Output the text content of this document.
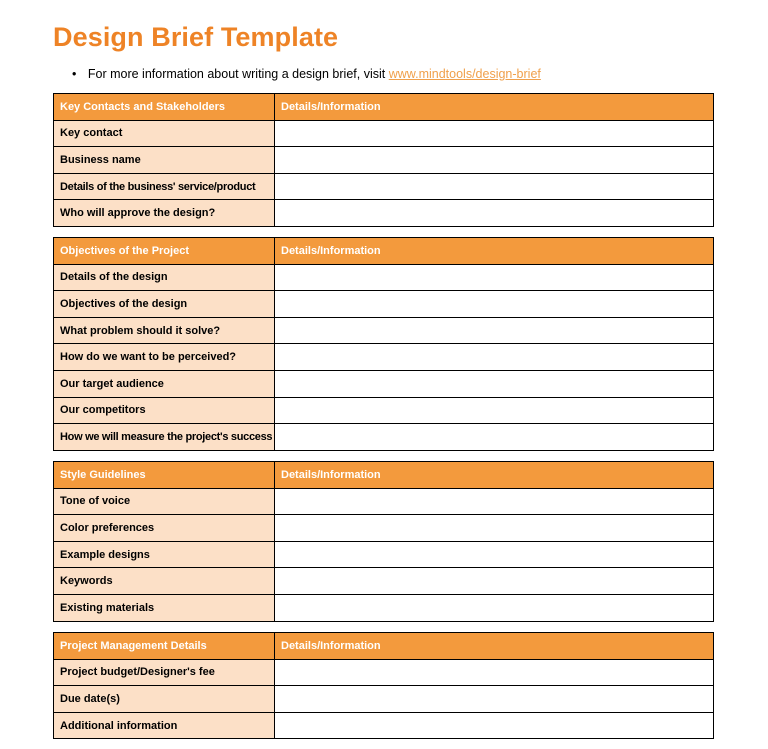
Design Brief Template
• For more information about writing a design brief, visit www.mindtools/design-brief
Key Contacts and Stakeholders	Details/Information
Key contact	
Business name	
Details of the business' service/product	
Who will approve the design?	
Objectives of the Project	Details/Information
Details of the design	
Objectives of the design	
What problem should it solve?	
How do we want to be perceived?	
Our target audience	
Our competitors	
How we will measure the project's success	
Style Guidelines	Details/Information
Tone of voice	
Color preferences	
Example designs	
Keywords	
Existing materials	
Project Management Details	Details/Information
Project budget/Designer's fee	
Due date(s)	
Additional information	
